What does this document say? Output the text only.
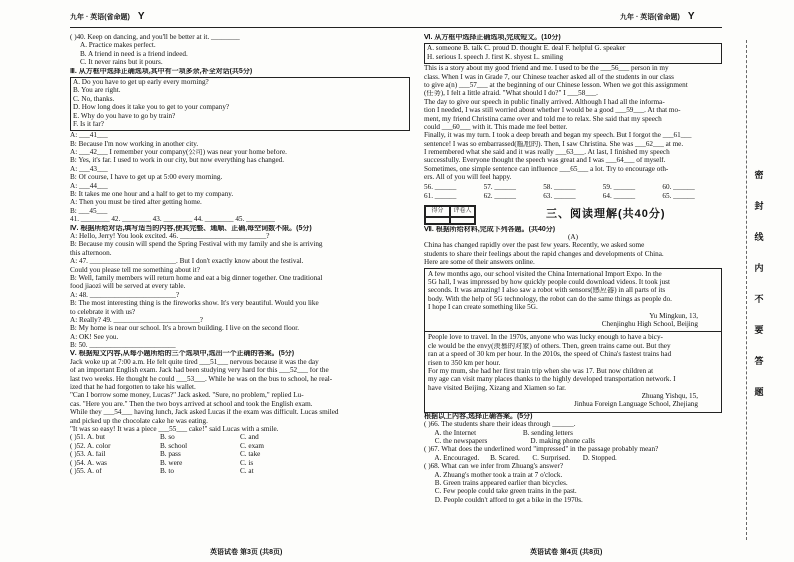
九年 · 英语(省命题) Y	九年 · 英语(省命题) Y
( )40. Keep on dancing, and you'll be better at it. ________
A. Practice makes perfect.
B. A friend in need is a friend indeed.
C. It never rains but it pours.
Ⅲ. 从方框中选择正确选项,其中有一项多余,补全对话(共5分)
A. Do you have to get up early every morning?
B. You are right.
C. No, thanks.
D. How long does it take you to get to your company?
E. Why do you have to go by train?
F. Is it far?
A: ___41___
B: Because I'm now working in another city.
A: ___42___ I remember your company(公司) was near your home before.
B: Yes, it's far. I used to work in our city, but now everything has changed.
A: ___43___
B: Of course, I have to get up at 5:00 every morning.
A: ___44___
B: It takes me one hour and a half to get to my company.
A: Then you must be tired after getting home.
B: ___45___
41. ________ 42. ________ 43. ________ 44. ________ 45. ________
Ⅳ. 根据所给对话,填写适当的内容,使其完整、通顺、正确,每空词数不限。(5分)
A: Hello, Jerry! You look excited. 46. ________________________?
B: Because my cousin will spend the Spring Festival with my family and she is arriving
this afternoon.
A: 47. ________________________. But I don't exactly know about the festival.
Could you please tell me something about it?
B: Well, family members will return home and eat a big dinner together. One traditional
food jiaozi will be served at every table.
A: 48. ________________________?
B: The most interesting thing is the fireworks show. It's very beautiful. Would you like
to celebrate it with us?
A: Really? 49. ________________________?
B: My home is near our school. It's a brown building. I live on the second floor.
A: OK! See you.
B: 50. ________________________
Ⅴ. 根据短文内容,从每小题所给的三个选项中,选出一个正确的答案。(5分)
Jack woke up at 7:00 a.m. He felt quite tired ___51___ nervous because it was the day
of an important English exam. Jack had been studying very hard for this ___52___ for the
last two weeks. He thought he could ___53___. While he was on the bus to school, he real-
ized that he had forgotten to take his wallet.
"Can I borrow some money, Lucas?" Jack asked. "Sure, no problem," replied Lu-
cas. "Here you are." Then the two boys arrived at school and took the English exam.
While they ___54___ having lunch, Jack asked Lucas if the exam was difficult. Lucas smiled
and picked up the chocolate cake he was eating.
"It was so easy! It was a piece ___55___ cake!" said Lucas with a smile.
( )51. A. but	B. so	C. and
( )52. A. color	B. school	C. exam
( )53. A. fail	B. pass	C. take
( )54. A. was	B. were	C. is
( )55. A. of	B. to	C. at
英语试卷 第3页 (共8页)
Ⅵ. 从方框中选择正确选项,完成短文。(10分)
A. someone B. talk C. proud D. thought E. deal F. helpful G. speaker
H. serious I. speech J. first K. shyest L. smiling
This is a story about my good friend and me. I used to be the ___56___ person in my
class. When I was in Grade 7, our Chinese teacher asked all of the students in our class
to give a(n) ___57___ at the beginning of our Chinese lesson. When we got this assignment
(任务), I felt a little afraid. "What should I do?" I ___58___.
The day to give our speech in public finally arrived. Although I had all the informa-
tion I needed, I was still worried about whether I would be a good ___59___. At that mo-
ment, my friend Christina came over and told me to relax. She said that my speech
could ___60___ with it. This made me feel better.
Finally, it was my turn. I took a deep breath and began my speech. But I forgot the ___61___
sentence! I was so embarrassed(尴尬的). Then, I saw Christina. She was ___62___ at me.
I remembered what she said and it was really ___63___. At last, I finished my speech
successfully. Everyone thought the speech was great and I was ___64___ of myself.
Sometimes, one simple sentence can influence ___65___ a lot. Try to encourage oth-
ers. All of you will feel happy.
56. ______	57. ______	58. ______	59. ______	60. ______
61. ______	62. ______	63. ______	64. ______	65. ______
得分	评卷人	三、阅读理解(共40分)
Ⅶ. 根据所给材料,完成下列各题。(共40分)
(A)
China has changed rapidly over the past few years. Recently, we asked some
students to share their feelings about the rapid changes and developments of China.
Here are some of their answers online.
A few months ago, our school visited the China International Import Expo. In the
5G hall, I was impressed by how quickly people could download videos. It took just
seconds. It was amazing! I also saw a robot with sensors(感应器) in all parts of its
body. With the help of 5G technology, the robot can do the same things as people do.
I hope I can create something like 5G.
Yu Mingkun, 13,
Chenjinghu High School, Beijing
People love to travel. In the 1970s, anyone who was lucky enough to have a bicy-
cle would be the envy(羡慕的对象) of others. Then, green trains came out. But they
ran at a speed of 30 km per hour. In the 2010s, the speed of China's fastest trains had
risen to 350 km per hour.
For my mum, she had her first train trip when she was 17. But now children at
my age can visit many places thanks to the highly developed transportation network. I
have visited Beijing, Xizang and Xiamen so far.
Zhuang Yishqu, 15,
Jinhua Foreign Language School, Zhejiang
根据以上内容,选择正确答案。(5分)
( )66. The students share their ideas through ______.
A. the Internet                          B. sending letters
C. the newspapers                        D. making phone calls
( )67. What does the underlined word "impressed" in the passage probably mean?
A. Encouraged.      B. Scared.       C. Surprised.       D. Stopped.
( )68. What can we infer from Zhuang's answer?
A. Zhuang's mother took a train at 7 o'clock.
B. Green trains appeared earlier than bicycles.
C. Few people could take green trains in the past.
D. People couldn't afford to get a bike in the 1970s.
英语试卷 第4页 (共8页)
密
封
线
内
不
要
答
题
